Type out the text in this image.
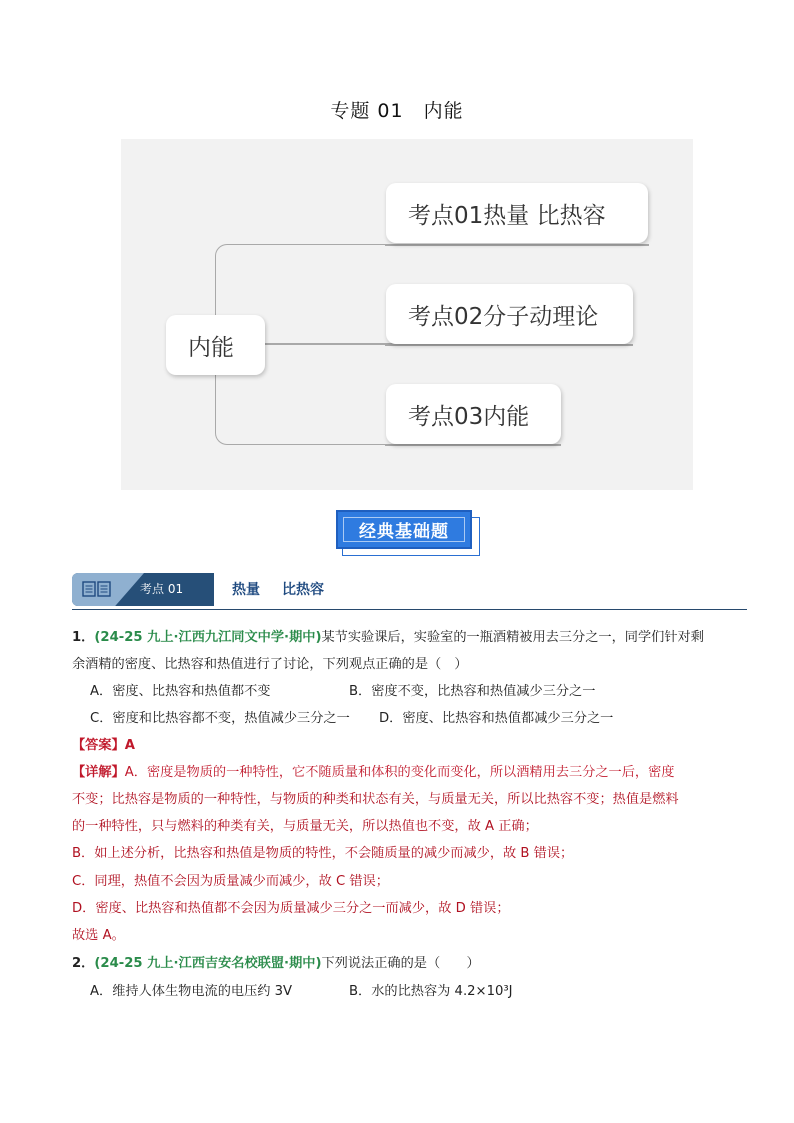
专题 01　内能
内能
考点01热量 比热容
考点02分子动理论
考点03内能
经典基础题
考点 01	热量 比热容
1．(24-25 九上·江西九江同文中学·期中)某节实验课后，实验室的一瓶酒精被用去三分之一，同学们针对剩
余酒精的密度、比热容和热值进行了讨论，下列观点正确的是（　）
A．密度、比热容和热值都不变	B．密度不变，比热容和热值减少三分之一
C．密度和比热容都不变，热值减少三分之一 D．密度、比热容和热值都减少三分之一
【答案】A
【详解】A．密度是物质的一种特性，它不随质量和体积的变化而变化，所以酒精用去三分之一后，密度
不变；比热容是物质的一种特性，与物质的种类和状态有关，与质量无关，所以比热容不变；热值是燃料
的一种特性，只与燃料的种类有关，与质量无关，所以热值也不变，故 A 正确；
B．如上述分析，比热容和热值是物质的特性，不会随质量的减少而减少，故 B 错误；
C．同理，热值不会因为质量减少而减少，故 C 错误；
D．密度、比热容和热值都不会因为质量减少三分之一而减少，故 D 错误；
故选 A。
2．(24-25 九上·江西吉安名校联盟·期中)下列说法正确的是（　　）
A．维持人体生物电流的电压约 3V	B．水的比热容为 4.2×10³J
